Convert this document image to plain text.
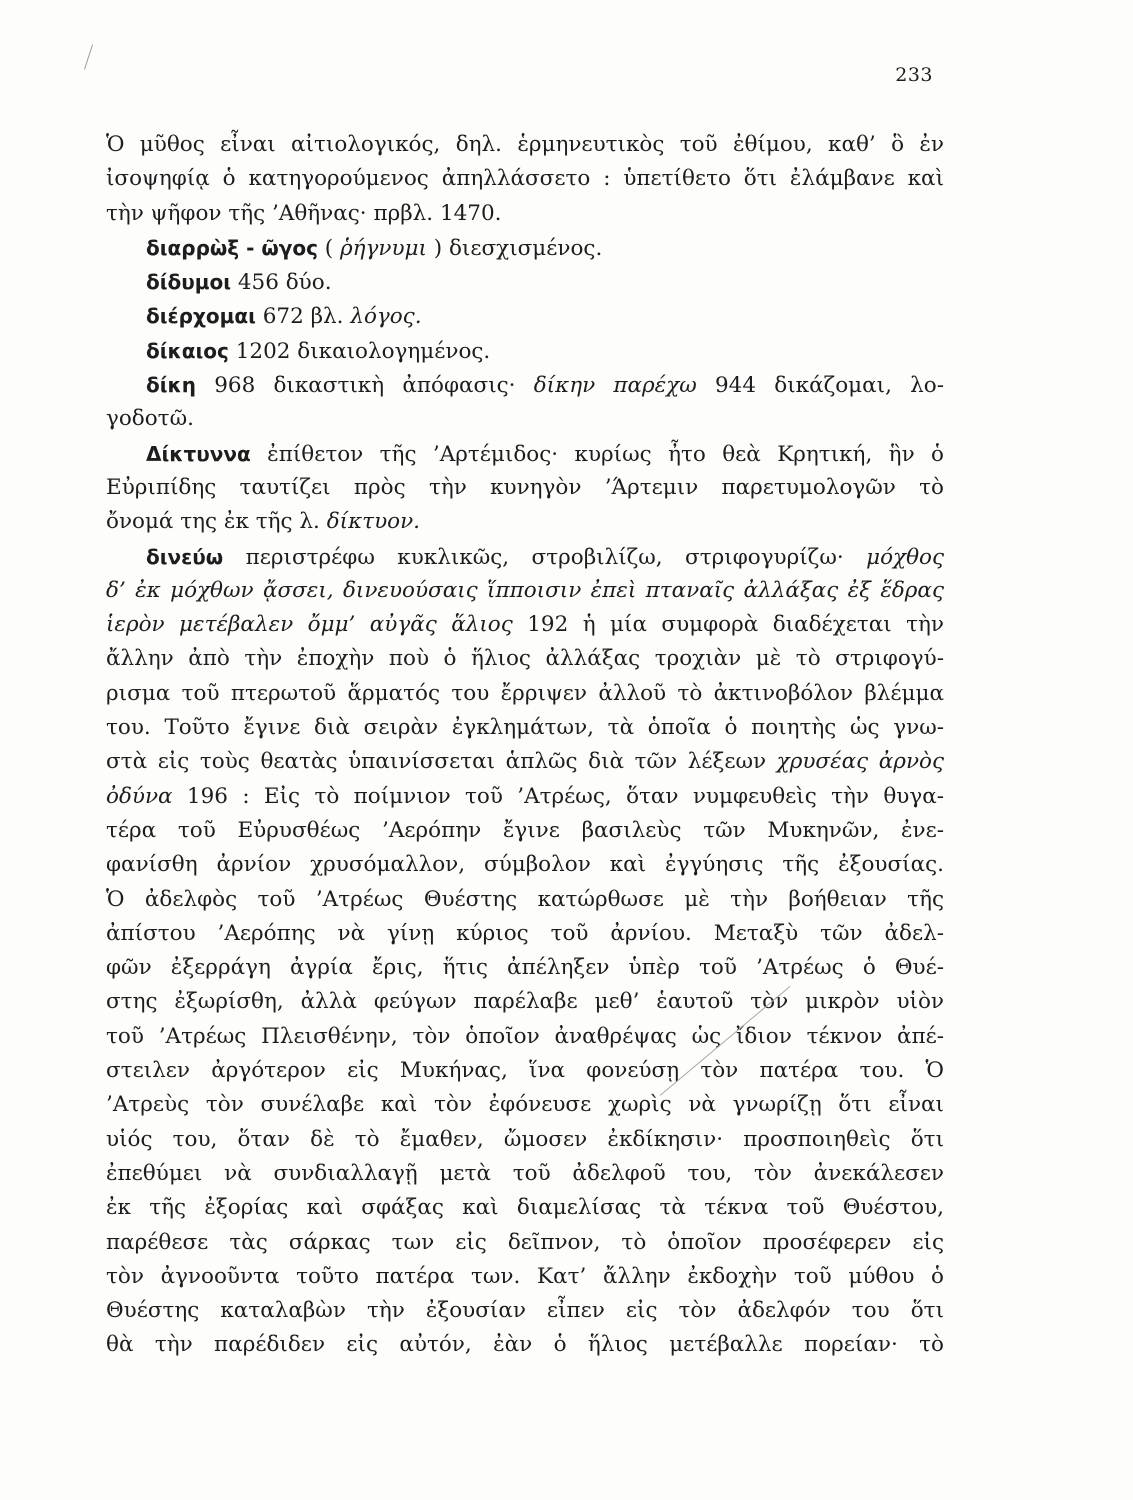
233
Ὁ μῦθος εἶναι αἰτιολογικός, δηλ. ἑρμηνευτικὸς τοῦ ἐθίμου, καθ’ ὃ ἐν
ἰσοψηφίᾳ ὁ κατηγορούμενος ἀπηλλάσσετο : ὑπετίθετο ὅτι ἐλάμβανε καὶ
τὴν ψῆφον τῆς ’Αθῆνας· πρβλ. 1470.
διαρρὼξ - ῶγος ( ῥήγνυμι ) διεσχισμένος.
δίδυμοι 456 δύο.
διέρχομαι 672 βλ. λόγος.
δίκαιος 1202 δικαιολογημένος.
δίκη 968 δικαστικὴ ἀπόφασις· δίκην παρέχω 944 δικάζομαι, λο-
γοδοτῶ.
Δίκτυννα ἐπίθετον τῆς ’Αρτέμιδος· κυρίως ἦτο θεὰ Κρητική, ἣν ὁ
Εὐριπίδης ταυτίζει πρὸς τὴν κυνηγὸν ’Άρτεμιν παρετυμολογῶν τὸ
ὄνομά της ἐκ τῆς λ. δίκτυον.
δινεύω περιστρέφω κυκλικῶς, στροβιλίζω, στριφογυρίζω· μόχθος
δ’ ἐκ μόχθων ᾄσσει, δινευούσαις ἵπποισιν ἐπεὶ πταναῖς ἀλλάξας ἐξ ἕδρας
ἱερὸν μετέβαλεν ὄμμ’ αὐγᾶς ἅλιος 192 ἡ μία συμφορὰ διαδέχεται τὴν
ἄλλην ἀπὸ τὴν ἐποχὴν ποὺ ὁ ἥλιος ἀλλάξας τροχιὰν μὲ τὸ στριφογύ-
ρισμα τοῦ πτερωτοῦ ἅρματός του ἔρριψεν ἀλλοῦ τὸ ἀκτινοβόλον βλέμμα
του. Τοῦτο ἔγινε διὰ σειρὰν ἐγκλημάτων, τὰ ὁποῖα ὁ ποιητὴς ὡς γνω-
στὰ εἰς τοὺς θεατὰς ὑπαινίσσεται ἁπλῶς διὰ τῶν λέξεων χρυσέας ἀρνὸς
ὀδύνα 196 : Εἰς τὸ ποίμνιον τοῦ ’Ατρέως, ὅταν νυμφευθεὶς τὴν θυγα-
τέρα τοῦ Εὐρυσθέως ’Αερόπην ἔγινε βασιλεὺς τῶν Μυκηνῶν, ἐνε-
φανίσθη ἀρνίον χρυσόμαλλον, σύμβολον καὶ ἐγγύησις τῆς ἐξουσίας.
Ὁ ἀδελφὸς τοῦ ’Ατρέως Θυέστης κατώρθωσε μὲ τὴν βοήθειαν τῆς
ἀπίστου ’Αερόπης νὰ γίνῃ κύριος τοῦ ἀρνίου. Μεταξὺ τῶν ἀδελ-
φῶν ἐξερράγη ἀγρία ἔρις, ἥτις ἀπέληξεν ὑπὲρ τοῦ ’Ατρέως ὁ Θυέ-
στης ἐξωρίσθη, ἀλλὰ φεύγων παρέλαβε μεθ’ ἑαυτοῦ τὸν μικρὸν υἱὸν
τοῦ ’Ατρέως Πλεισθένην, τὸν ὁποῖον ἀναθρέψας ὡς ἴδιον τέκνον ἀπέ-
στειλεν ἀργότερον εἰς Μυκήνας, ἵνα φονεύσῃ τὸν πατέρα του. Ὁ
’Ατρεὺς τὸν συνέλαβε καὶ τὸν ἐφόνευσε χωρὶς νὰ γνωρίζῃ ὅτι εἶναι
υἱός του, ὅταν δὲ τὸ ἔμαθεν, ὤμοσεν ἐκδίκησιν· προσποιηθεὶς ὅτι
ἐπεθύμει νὰ συνδιαλλαγῇ μετὰ τοῦ ἀδελφοῦ του, τὸν ἀνεκάλεσεν
ἐκ τῆς ἐξορίας καὶ σφάξας καὶ διαμελίσας τὰ τέκνα τοῦ Θυέστου,
παρέθεσε τὰς σάρκας των εἰς δεῖπνον, τὸ ὁποῖον προσέφερεν εἰς
τὸν ἀγνοοῦντα τοῦτο πατέρα των. Κατ’ ἄλλην ἐκδοχὴν τοῦ μύθου ὁ
Θυέστης καταλαβὼν τὴν ἐξουσίαν εἶπεν εἰς τὸν ἀδελφόν του ὅτι
θὰ τὴν παρέδιδεν εἰς αὐτόν, ἐὰν ὁ ἥλιος μετέβαλλε πορείαν· τὸ
